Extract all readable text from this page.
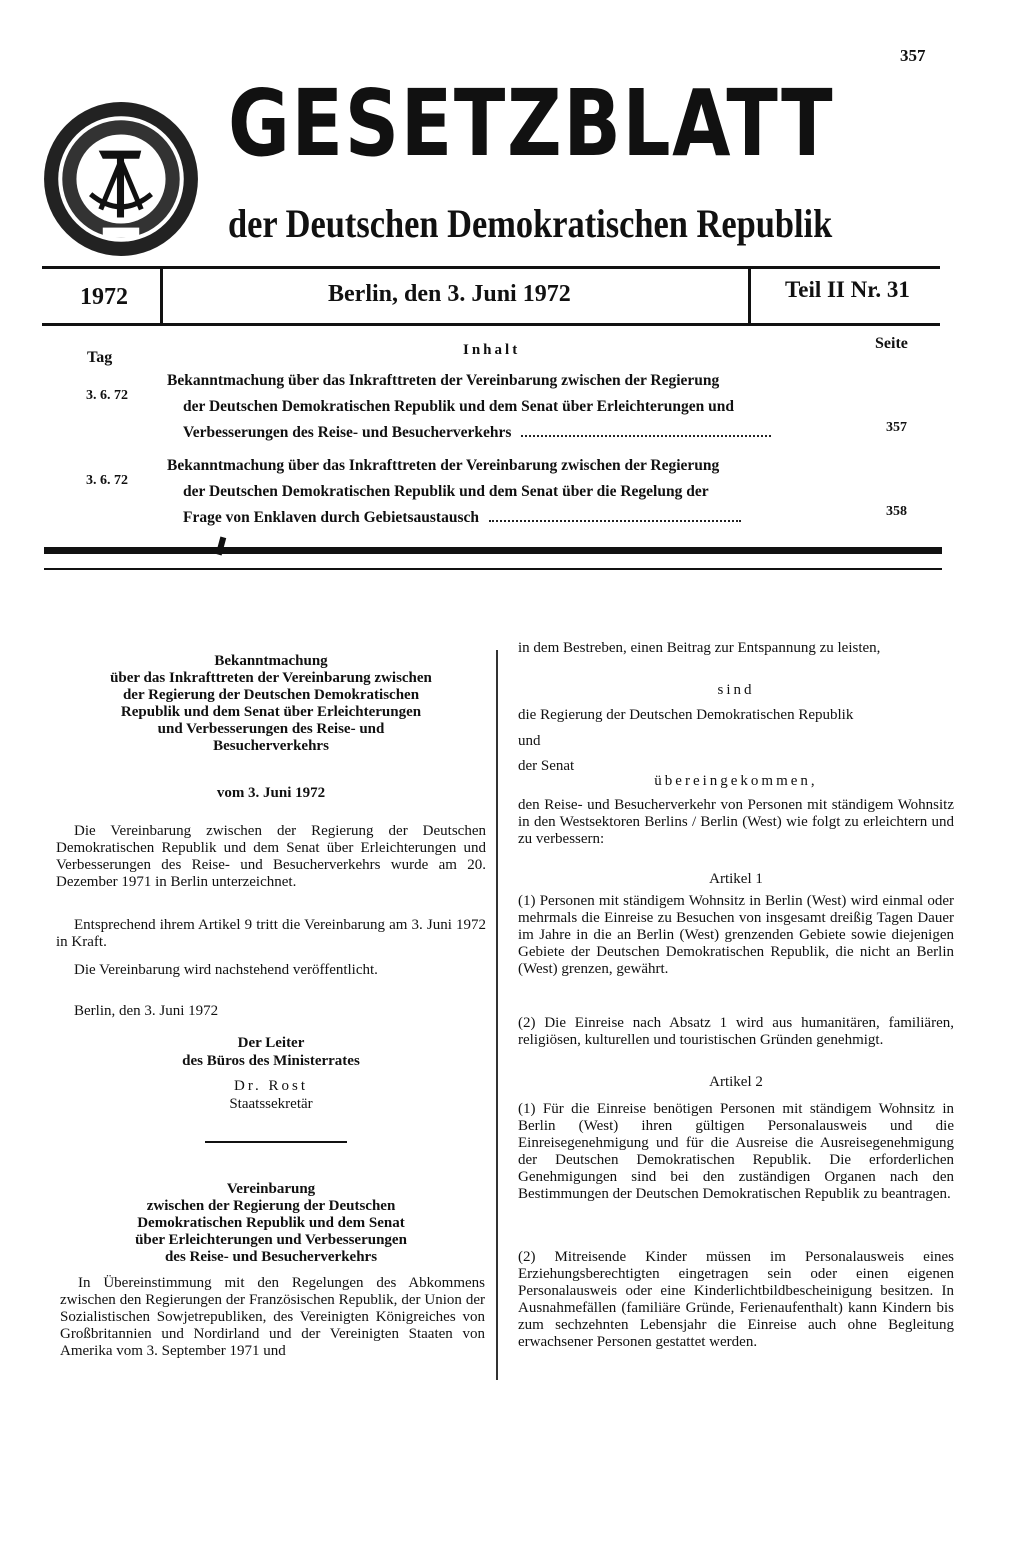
357
GESETZBLATT
der Deutschen Demokratischen Republik
1972	Berlin, den 3. Juni 1972	Teil II Nr. 31
Tag	Inhalt	Seite
3. 6. 72
Bekanntmachung über das Inkrafttreten der Vereinbarung zwischen der Regierung
der Deutschen Demokratischen Republik und dem Senat über Erleichterungen und
Verbesserungen des Reise- und Besucherverkehrs	357
3. 6. 72
Bekanntmachung über das Inkrafttreten der Vereinbarung zwischen der Regierung
der Deutschen Demokratischen Republik und dem Senat über die Regelung der
Frage von Enklaven durch Gebietsaustausch	358
Bekanntmachung
über das Inkrafttreten der Vereinbarung zwischen
der Regierung der Deutschen Demokratischen
Republik und dem Senat über Erleichterungen
und Verbesserungen des Reise- und
Besucherverkehrs
vom 3. Juni 1972
Die Vereinbarung zwischen der Regierung der Deutschen Demokratischen Republik und dem Senat über Erleichterungen und Verbesserungen des Reise- und Besucherverkehrs wurde am 20. Dezember 1971 in Berlin unterzeichnet.
Entsprechend ihrem Artikel 9 tritt die Vereinbarung am 3. Juni 1972 in Kraft.
Die Vereinbarung wird nachstehend veröffentlicht.
Berlin, den 3. Juni 1972
Der Leiter
des Büros des Ministerrates
Dr. Rost
Staatssekretär
Vereinbarung
zwischen der Regierung der Deutschen
Demokratischen Republik und dem Senat
über Erleichterungen und Verbesserungen
des Reise- und Besucherverkehrs
In Übereinstimmung mit den Regelungen des Abkommens zwischen den Regierungen der Französischen Republik, der Union der Sozialistischen Sowjetrepubliken, des Vereinigten Königreiches von Großbritannien und Nordirland und der Vereinigten Staaten von Amerika vom 3. September 1971 und
in dem Bestreben, einen Beitrag zur Entspannung zu leisten,
sind
die Regierung der Deutschen Demokratischen Republik
und
der Senat
übereingekommen,
den Reise- und Besucherverkehr von Personen mit ständigem Wohnsitz in den Westsektoren Berlins / Berlin (West) wie folgt zu erleichtern und zu verbessern:
Artikel 1
(1) Personen mit ständigem Wohnsitz in Berlin (West) wird einmal oder mehrmals die Einreise zu Besuchen von insgesamt dreißig Tagen Dauer im Jahre in die an Berlin (West) grenzenden Gebiete sowie diejenigen Gebiete der Deutschen Demokratischen Republik, die nicht an Berlin (West) grenzen, gewährt.
(2) Die Einreise nach Absatz 1 wird aus humanitären, familiären, religiösen, kulturellen und touristischen Gründen genehmigt.
Artikel 2
(1) Für die Einreise benötigen Personen mit ständigem Wohnsitz in Berlin (West) ihren gültigen Personalausweis und die Einreisegenehmigung und für die Ausreise die Ausreisegenehmigung der Deutschen Demokratischen Republik. Die erforderlichen Genehmigungen sind bei den zuständigen Organen nach den Bestimmungen der Deutschen Demokratischen Republik zu beantragen.
(2) Mitreisende Kinder müssen im Personalausweis eines Erziehungsberechtigten eingetragen sein oder einen eigenen Personalausweis oder eine Kinderlichtbildbescheinigung besitzen. In Ausnahmefällen (familiäre Gründe, Ferienaufenthalt) kann Kindern bis zum sechzehnten Lebensjahr die Einreise auch ohne Begleitung erwachsener Personen gestattet werden.
